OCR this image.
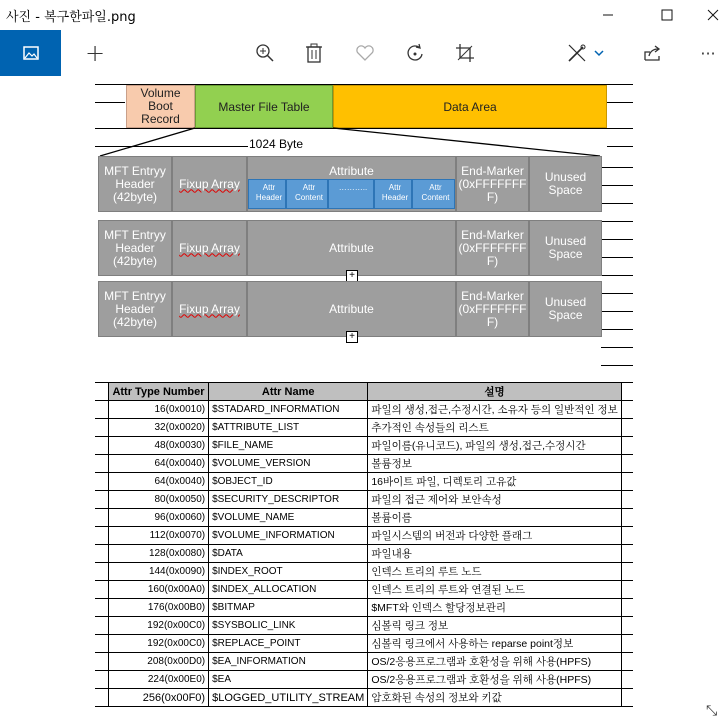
사진 - 복구한파일.png
+	···
Volume
Boot
Record
Master File Table	Data Area
1024 Byte
MFT Entryy
Header
(42byte)
Fixup Array
Attribute
Attr
Header
Attr
Content
………..	Attr
Header
Attr
Content
End-Marker
(0xFFFFFFF
F)
Unused
Space
MFT Entryy
Header
(42byte)
Fixup Array	Attribute
+
End-Marker
(0xFFFFFFF
F)
Unused
Space
MFT Entryy
Header
(42byte)
Fixup Array	Attribute
+
End-Marker
(0xFFFFFFF
F)
Unused
Space
	Attr Type Number	Attr Name	설명	
	16(0x0010)	$STADARD_INFORMATION	파일의 생성,접근,수정시간, 소유자 등의 일반적인 정보	
	32(0x0020)	$ATTRIBUTE_LIST	추가적인 속성들의 리스트	
	48(0x0030)	$FILE_NAME	파일이름(유니코드), 파일의 생성,접근,수정시간	
	64(0x0040)	$VOLUME_VERSION	볼륨정보	
	64(0x0040)	$OBJECT_ID	16바이트 파일, 디렉토리 고유값	
	80(0x0050)	$SECURITY_DESCRIPTOR	파일의 접근 제어와 보안속성	
	96(0x0060)	$VOLUME_NAME	볼륨이름	
	112(0x0070)	$VOLUME_INFORMATION	파일시스템의 버전과 다양한 플래그	
	128(0x0080)	$DATA	파일내용	
	144(0x0090)	$INDEX_ROOT	인덱스 트리의 루트 노드	
	160(0x00A0)	$INDEX_ALLOCATION	인덱스 트리의 루트와 연결된 노드	
	176(0x00B0)	$BITMAP	$MFT와 인덱스 할당정보관리	
	192(0x00C0)	$SYSBOLIC_LINK	심볼릭 링크 정보	
	192(0x00C0)	$REPLACE_POINT	심볼릭 링크에서 사용하는 reparse point정보	
	208(0x00D0)	$EA_INFORMATION	OS/2응용프로그램과 호환성을 위해 사용(HPFS)	
	224(0x00E0)	$EA	OS/2응용프로그램과 호환성을 위해 사용(HPFS)	
	256(0x00F0)	$LOGGED_UTILITY_STREAM	암호화된 속성의 정보와 키값	
⤡
